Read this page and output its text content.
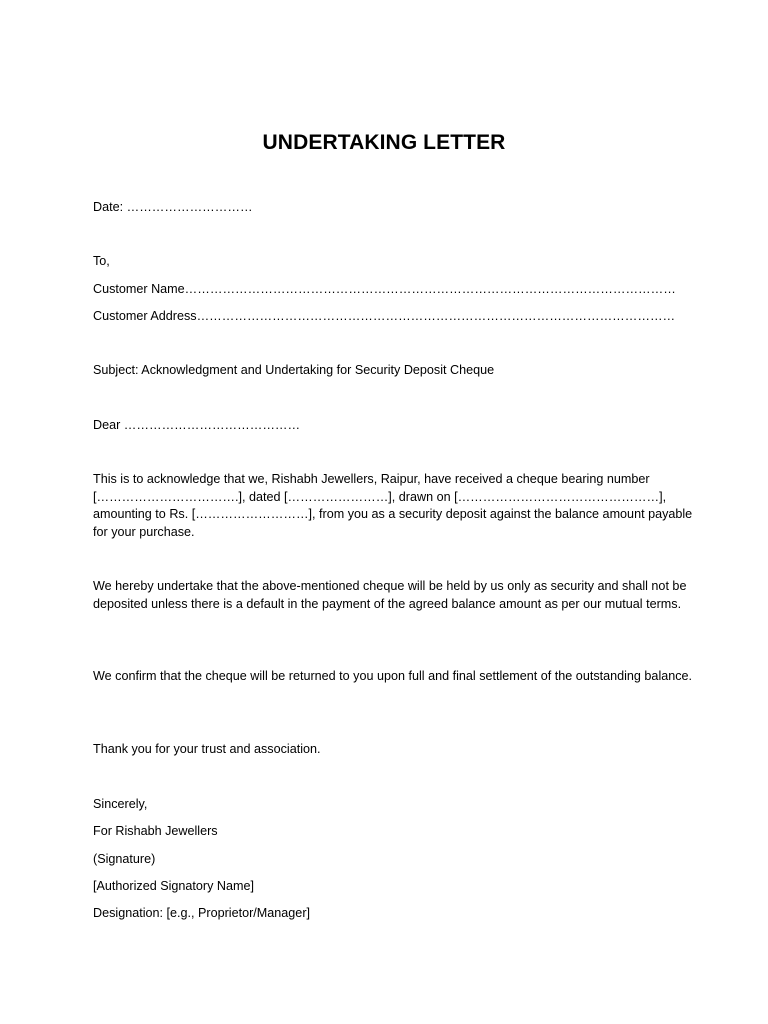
UNDERTAKING LETTER
Date: …………………………
To,
Customer Name………………………………………………………………………………………………………
Customer Address……………………………………………………………………………………………………
Subject: Acknowledgment and Undertaking for Security Deposit Cheque
Dear ……………………………………
This is to acknowledge that we, Rishabh Jewellers, Raipur, have received a cheque bearing number […………………………….], dated [……………………], drawn on […………………………………………], amounting to Rs. [………………………], from you as a security deposit against the balance amount payable for your purchase.
We hereby undertake that the above-mentioned cheque will be held by us only as security and shall not be deposited unless there is a default in the payment of the agreed balance amount as per our mutual terms.
We confirm that the cheque will be returned to you upon full and final settlement of the outstanding balance.
Thank you for your trust and association.
Sincerely,
For Rishabh Jewellers
(Signature)
[Authorized Signatory Name]
Designation: [e.g., Proprietor/Manager]
